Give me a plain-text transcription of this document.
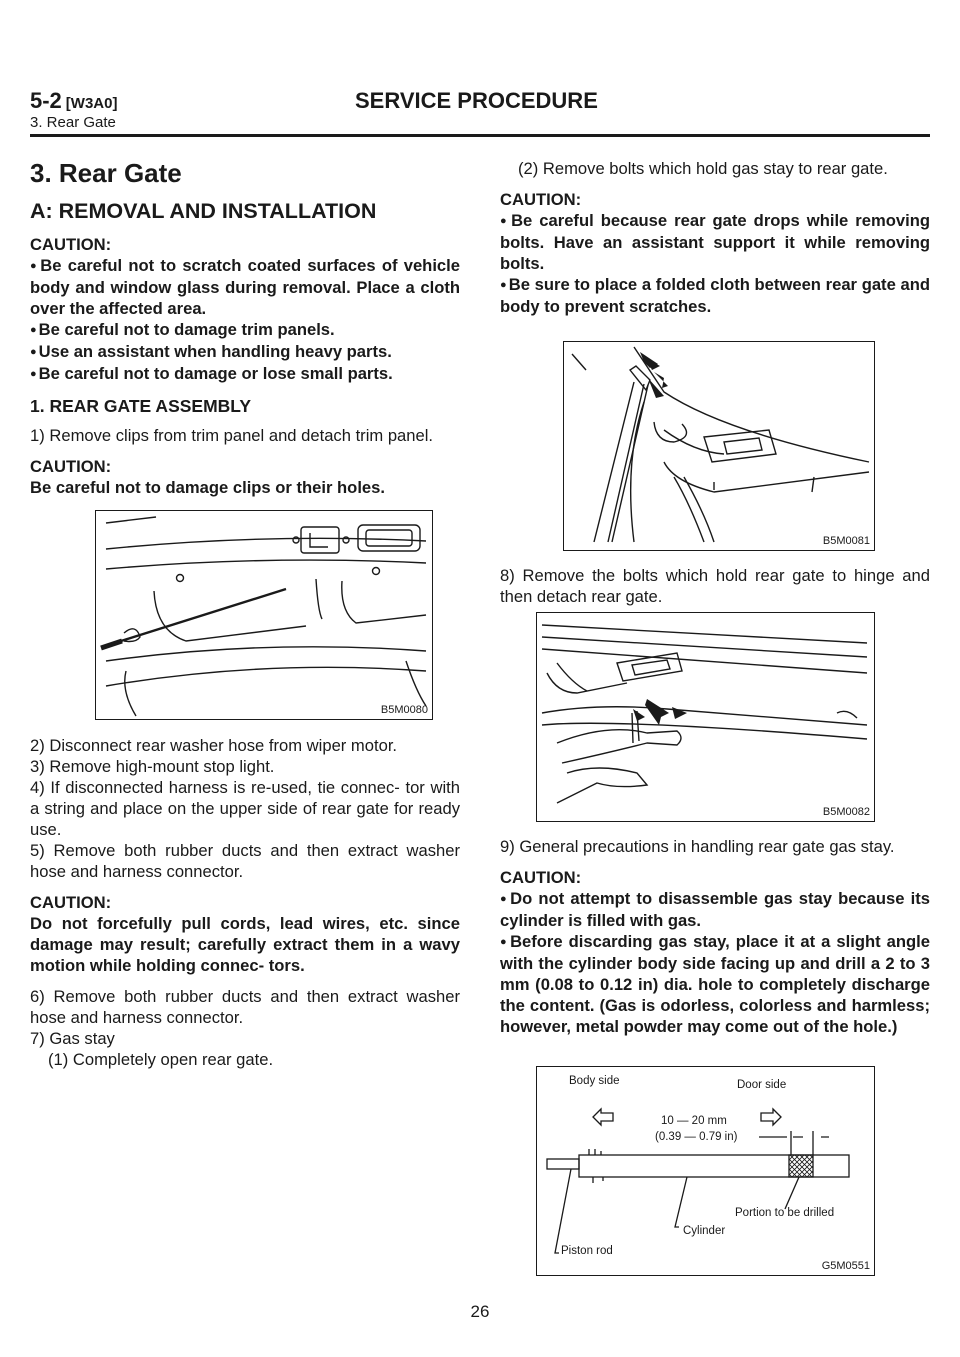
5-2 [W3A0]	SERVICE PROCEDURE
3. Rear Gate

3. Rear Gate

A: REMOVAL AND INSTALLATION

CAUTION:

● Be careful not to scratch coated surfaces of vehicle body and window glass during removal. Place a cloth over the affected area.

● Be careful not to damage trim panels.

● Use an assistant when handling heavy parts.

● Be careful not to damage or lose small parts.

1. REAR GATE ASSEMBLY

1) Remove clips from trim panel and detach trim panel.

CAUTION:

Be careful not to damage clips or their holes.

B5M0080

2) Disconnect rear washer hose from wiper motor.

3) Remove high-mount stop light.

4) If disconnected harness is re-used, tie connec- tor with a string and place on the upper side of rear gate for ready use.

5) Remove both rubber ducts and then extract washer hose and harness connector.

CAUTION:

Do not forcefully pull cords, lead wires, etc. since damage may result; carefully extract them in a wavy motion while holding connec- tors.

6) Remove both rubber ducts and then extract washer hose and harness connector.

7) Gas stay

(1) Completely open rear gate.

(2) Remove bolts which hold gas stay to rear gate.

CAUTION:

● Be careful because rear gate drops while removing bolts. Have an assistant support it while removing bolts.

● Be sure to place a folded cloth between rear gate and body to prevent scratches.

B5M0081

8) Remove the bolts which hold rear gate to hinge and then detach rear gate.

B5M0082

9) General precautions in handling rear gate gas stay.

CAUTION:

● Do not attempt to disassemble gas stay because its cylinder is filled with gas.

● Before discarding gas stay, place it at a slight angle with the cylinder body side facing up and drill a 2 to 3 mm (0.08 to 0.12 in) dia. hole to completely discharge the content. (Gas is odorless, colorless and harmless; however, metal powder may come out of the hole.)

Body side	Door side
10 — 20 mm
(0.39 — 0.79 in)
Portion to be drilled
Cylinder
Piston rod
G5M0551
26
